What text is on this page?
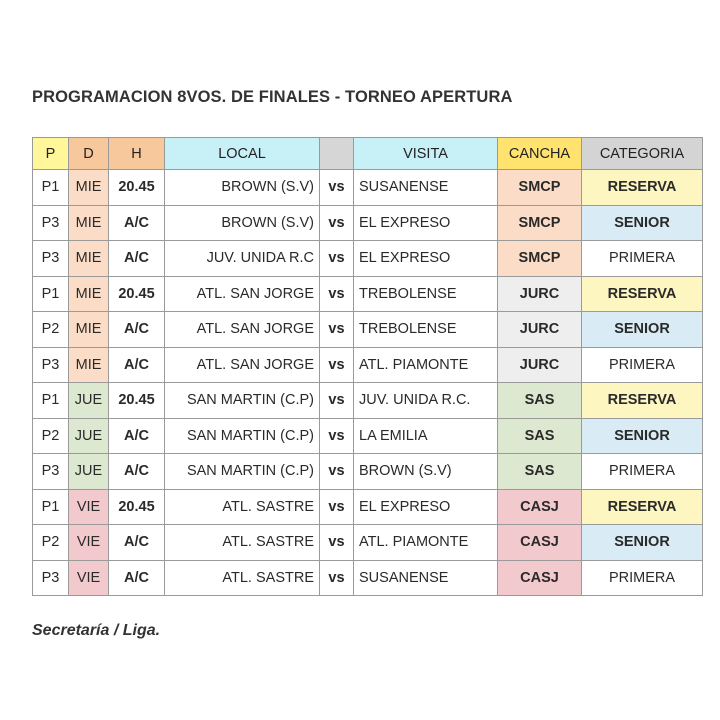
PROGRAMACION 8VOS. DE FINALES - TORNEO APERTURA
P	D	H	LOCAL		VISITA	CANCHA	CATEGORIA
P1	MIE	20.45	BROWN (S.V)	vs	SUSANENSE	SMCP	RESERVA
P3	MIE	A/C	BROWN (S.V)	vs	EL EXPRESO	SMCP	SENIOR
P3	MIE	A/C	JUV. UNIDA R.C	vs	EL EXPRESO	SMCP	PRIMERA
P1	MIE	20.45	ATL. SAN JORGE	vs	TREBOLENSE	JURC	RESERVA
P2	MIE	A/C	ATL. SAN JORGE	vs	TREBOLENSE	JURC	SENIOR
P3	MIE	A/C	ATL. SAN JORGE	vs	ATL. PIAMONTE	JURC	PRIMERA
P1	JUE	20.45	SAN MARTIN (C.P)	vs	JUV. UNIDA R.C.	SAS	RESERVA
P2	JUE	A/C	SAN MARTIN (C.P)	vs	LA EMILIA	SAS	SENIOR
P3	JUE	A/C	SAN MARTIN (C.P)	vs	BROWN (S.V)	SAS	PRIMERA
P1	VIE	20.45	ATL. SASTRE	vs	EL EXPRESO	CASJ	RESERVA
P2	VIE	A/C	ATL. SASTRE	vs	ATL. PIAMONTE	CASJ	SENIOR
P3	VIE	A/C	ATL. SASTRE	vs	SUSANENSE	CASJ	PRIMERA
Secretaría / Liga.
